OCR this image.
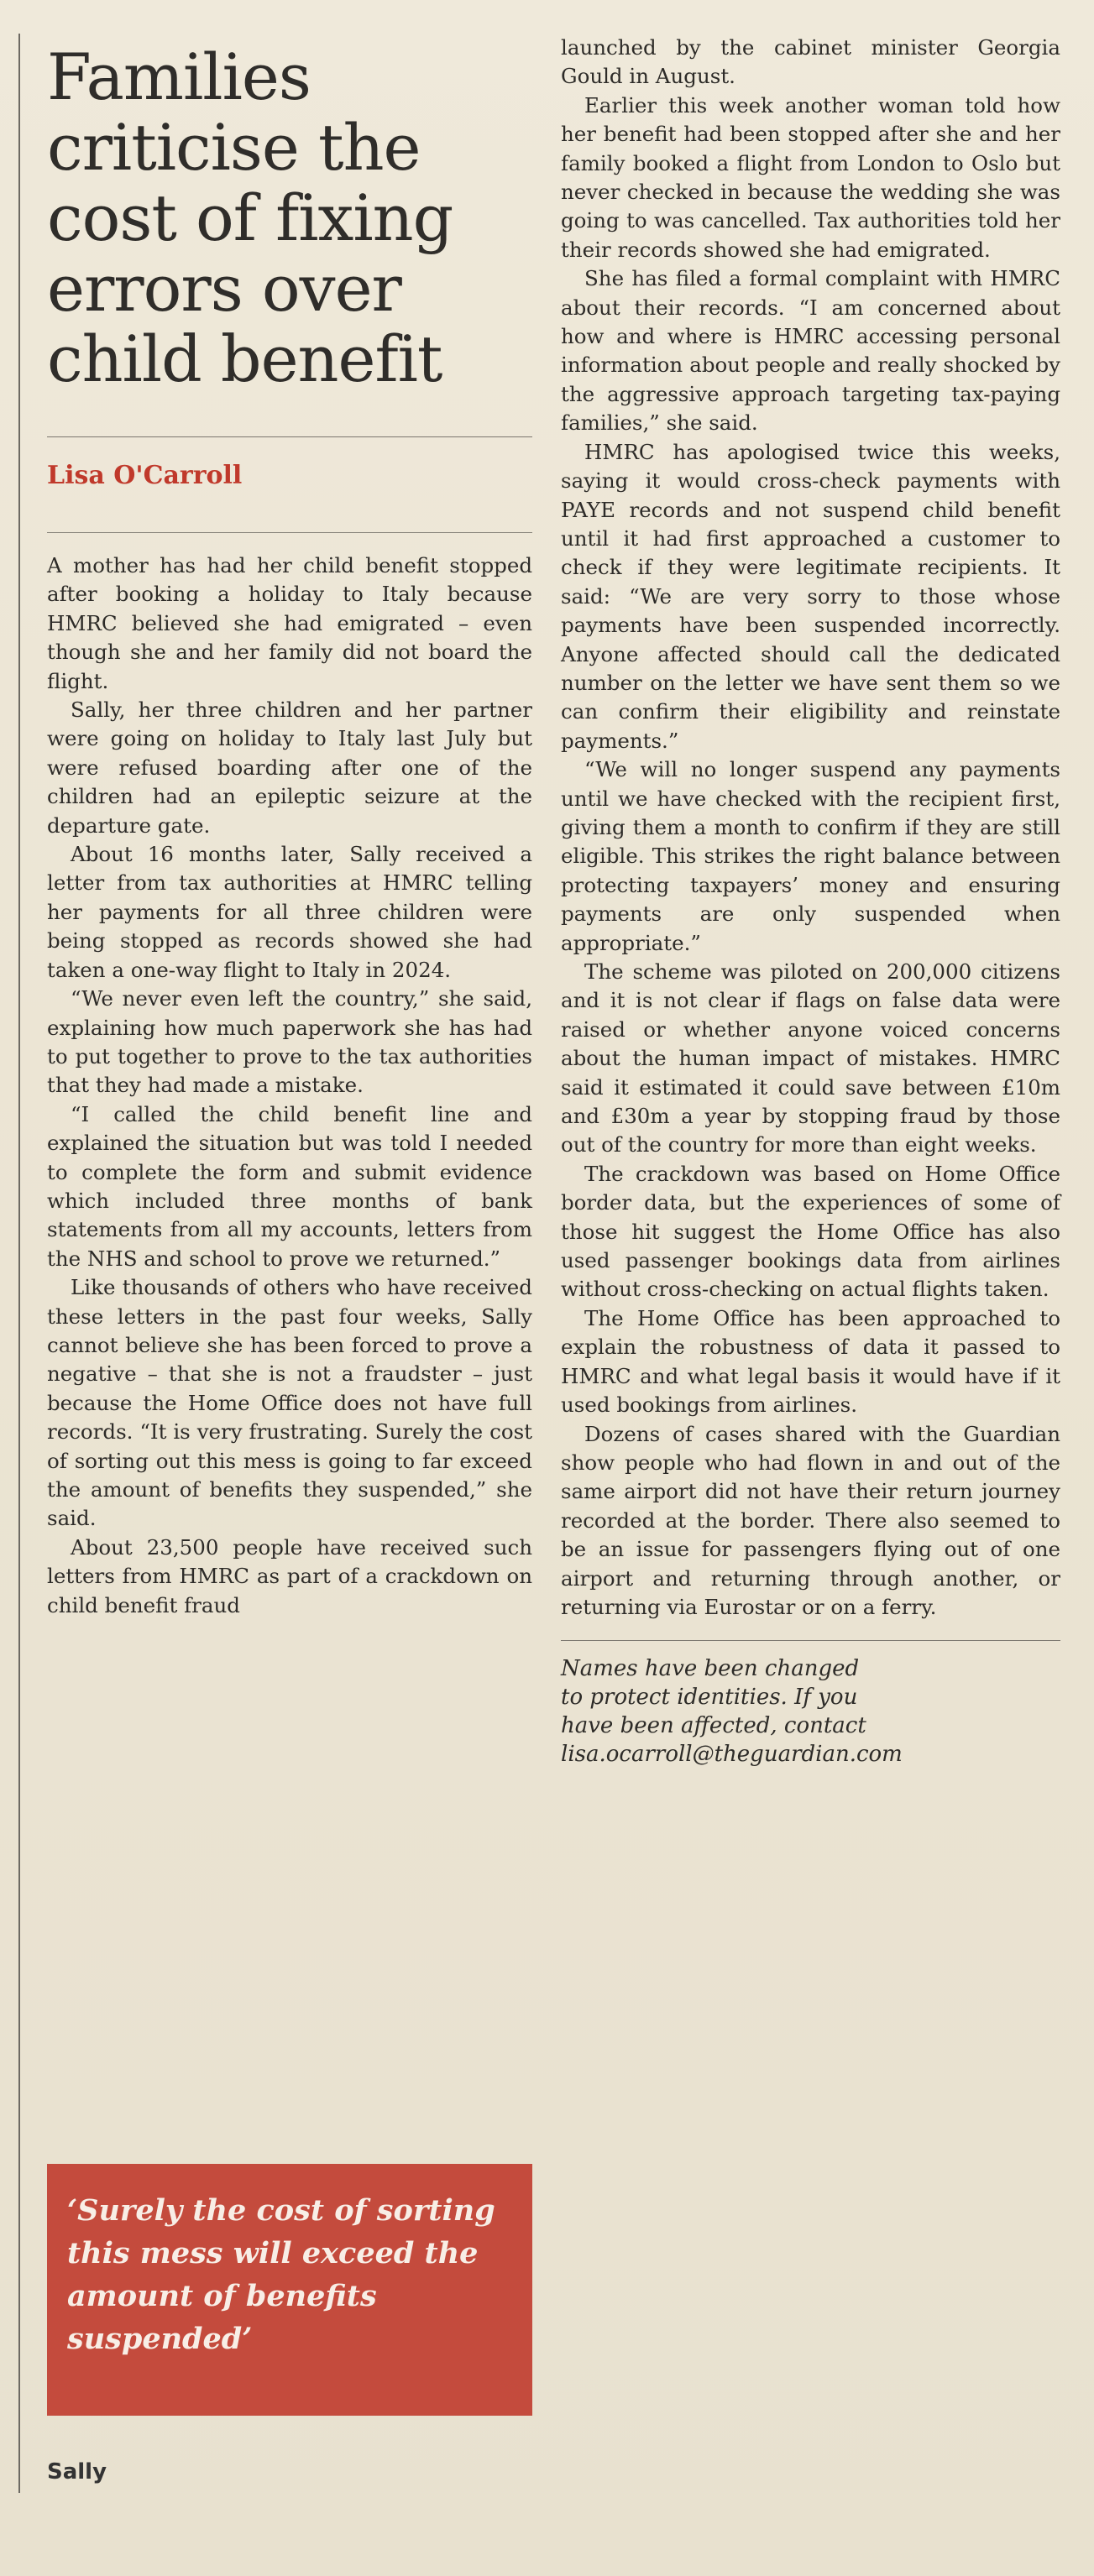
Families criticise the cost of fixing errors over child benefit
Lisa O'Carroll

A mother has had her child benefit stopped after booking a holiday to Italy because HMRC believed she had emigrated – even though she and her family did not board the flight.

Sally, her three children and her partner were going on holiday to Italy last July but were refused boarding after one of the children had an epileptic seizure at the departure gate.

About 16 months later, Sally received a letter from tax authorities at HMRC telling her payments for all three children were being stopped as records showed she had taken a one-way flight to Italy in 2024.

“We never even left the country,” she said, explaining how much paperwork she has had to put together to prove to the tax authorities that they had made a mistake.

“I called the child benefit line and explained the situation but was told I needed to complete the form and submit evidence which included three months of bank statements from all my accounts, letters from the NHS and school to prove we returned.”

Like thousands of others who have received these letters in the past four weeks, Sally cannot believe she has been forced to prove a negative – that she is not a fraudster – just because the Home Office does not have full records. “It is very frustrating. Surely the cost of sorting out this mess is going to far exceed the amount of benefits they suspended,” she said.

About 23,500 people have received such letters from HMRC as part of a crackdown on child benefit fraud

‘Surely the cost of sorting this mess will exceed the amount of benefits suspended’
Sally

launched by the cabinet minister Georgia Gould in August.

Earlier this week another woman told how her benefit had been stopped after she and her family booked a flight from London to Oslo but never checked in because the wedding she was going to was cancelled. Tax authorities told her their records showed she had emigrated.

She has filed a formal complaint with HMRC about their records. “I am concerned about how and where is HMRC accessing personal information about people and really shocked by the aggressive approach targeting tax-paying families,” she said.

HMRC has apologised twice this weeks, saying it would cross-check payments with PAYE records and not suspend child benefit until it had first approached a customer to check if they were legitimate recipients. It said: “We are very sorry to those whose payments have been suspended incorrectly. Anyone affected should call the dedicated number on the letter we have sent them so we can confirm their eligibility and reinstate payments.”

“We will no longer suspend any payments until we have checked with the recipient first, giving them a month to confirm if they are still eligible. This strikes the right balance between protecting taxpayers’ money and ensuring payments are only suspended when appropriate.”

The scheme was piloted on 200,000 citizens and it is not clear if flags on false data were raised or whether anyone voiced concerns about the human impact of mistakes. HMRC said it estimated it could save between £10m and £30m a year by stopping fraud by those out of the country for more than eight weeks.

The crackdown was based on Home Office border data, but the experiences of some of those hit suggest the Home Office has also used passenger bookings data from airlines without cross-checking on actual flights taken.

The Home Office has been approached to explain the robustness of data it passed to HMRC and what legal basis it would have if it used bookings from airlines.

Dozens of cases shared with the Guardian show people who had flown in and out of the same airport did not have their return journey recorded at the border. There also seemed to be an issue for passengers flying out of one airport and returning through another, or returning via Eurostar or on a ferry.

Names have been changed
to protect identities. If you
have been affected, contact
lisa.ocarroll@theguardian.com
